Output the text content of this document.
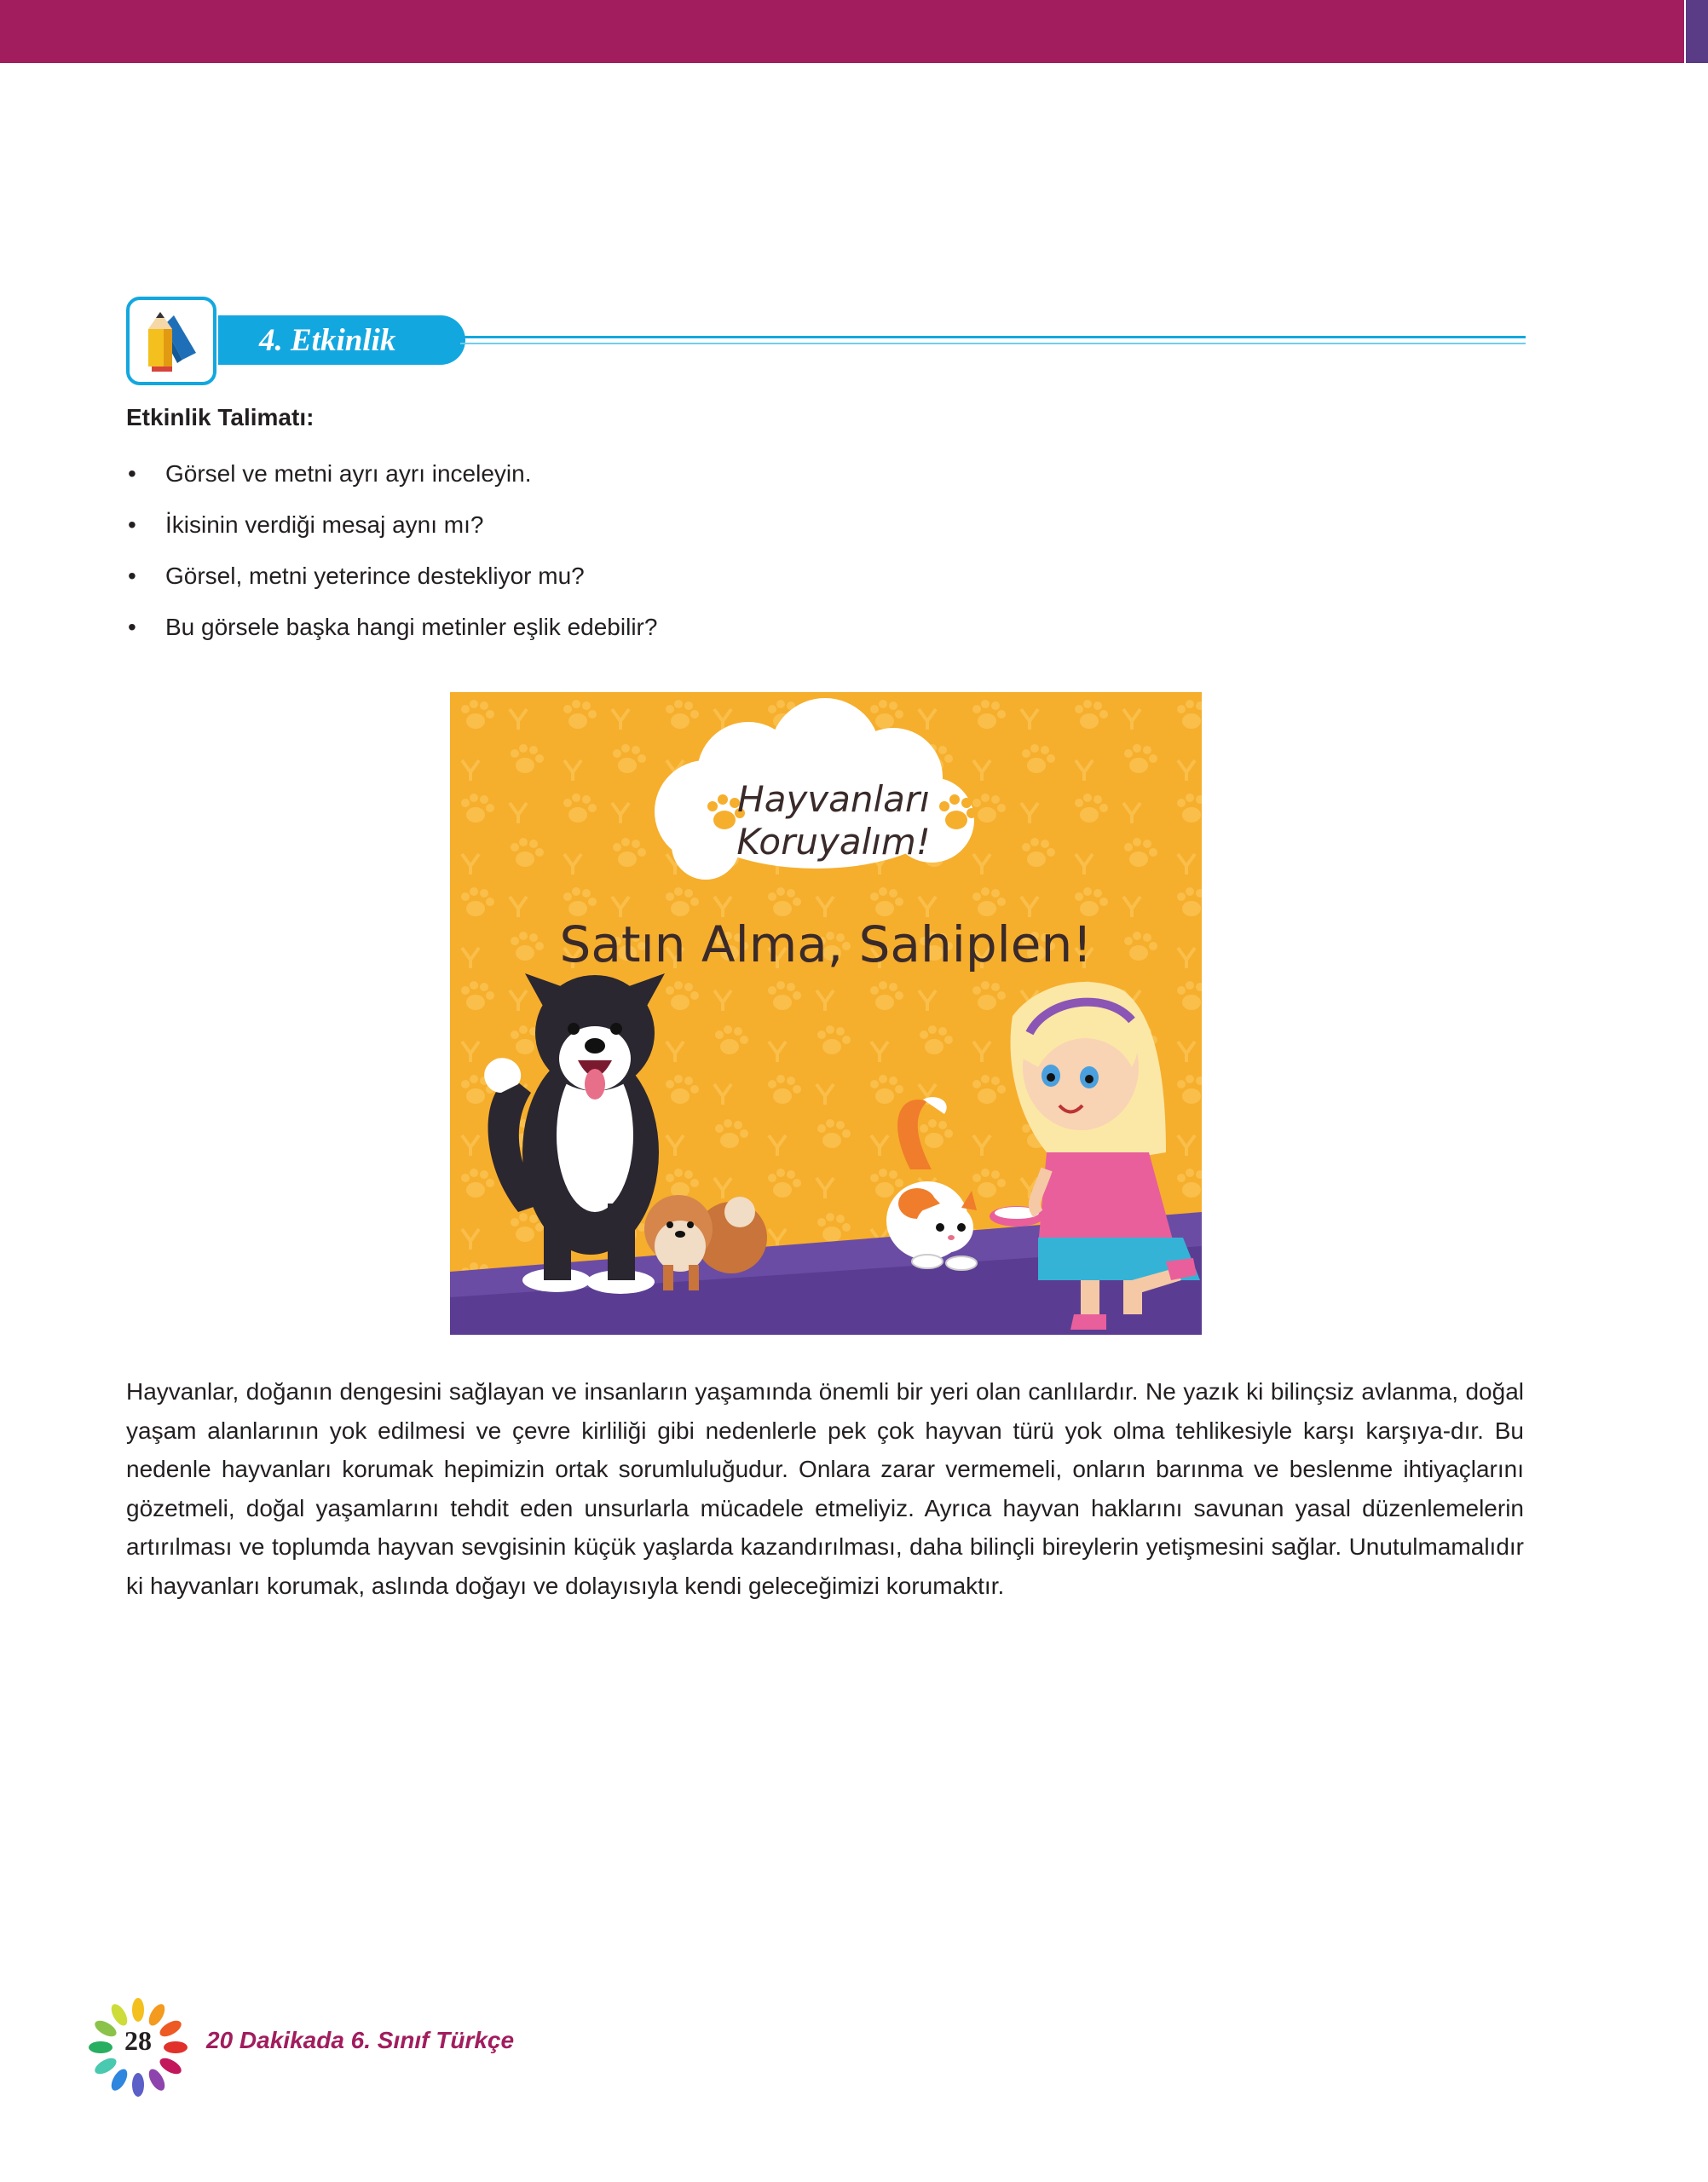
4. Etkinlik
Etkinlik Talimatı:
• Görsel ve metni ayrı ayrı inceleyin.
• İkisinin verdiği mesaj aynı mı?
• Görsel, metni yeterince destekliyor mu?
• Bu görsele başka hangi metinler eşlik edebilir?
Hayvanları
Koruyalım!
Satın Alma, Sahiplen!

Hayvanlar, doğanın dengesini sağlayan ve insanların yaşamında önemli bir yeri olan canlılardır. Ne yazık ki bilinçsiz avlanma, doğal yaşam alanlarının yok edilmesi ve çevre kirliliği gibi nedenlerle pek çok hayvan türü yok olma tehlikesiyle karşı karşıya-dır. Bu nedenle hayvanları korumak hepimizin ortak sorumluluğudur. Onlara zarar vermemeli, onların barınma ve beslenme ihtiyaçlarını gözetmeli, doğal yaşamlarını tehdit eden unsurlarla mücadele etmeliyiz. Ayrıca hayvan haklarını savunan yasal düzenlemelerin artırılması ve toplumda hayvan sevgisinin küçük yaşlarda kazandırılması, daha bilinçli bireylerin yetişmesini sağlar. Unutulmamalıdır ki hayvanları korumak, aslında doğayı ve dolayısıyla kendi geleceğimizi korumaktır.

28	20 Dakikada 6. Sınıf Türkçe
